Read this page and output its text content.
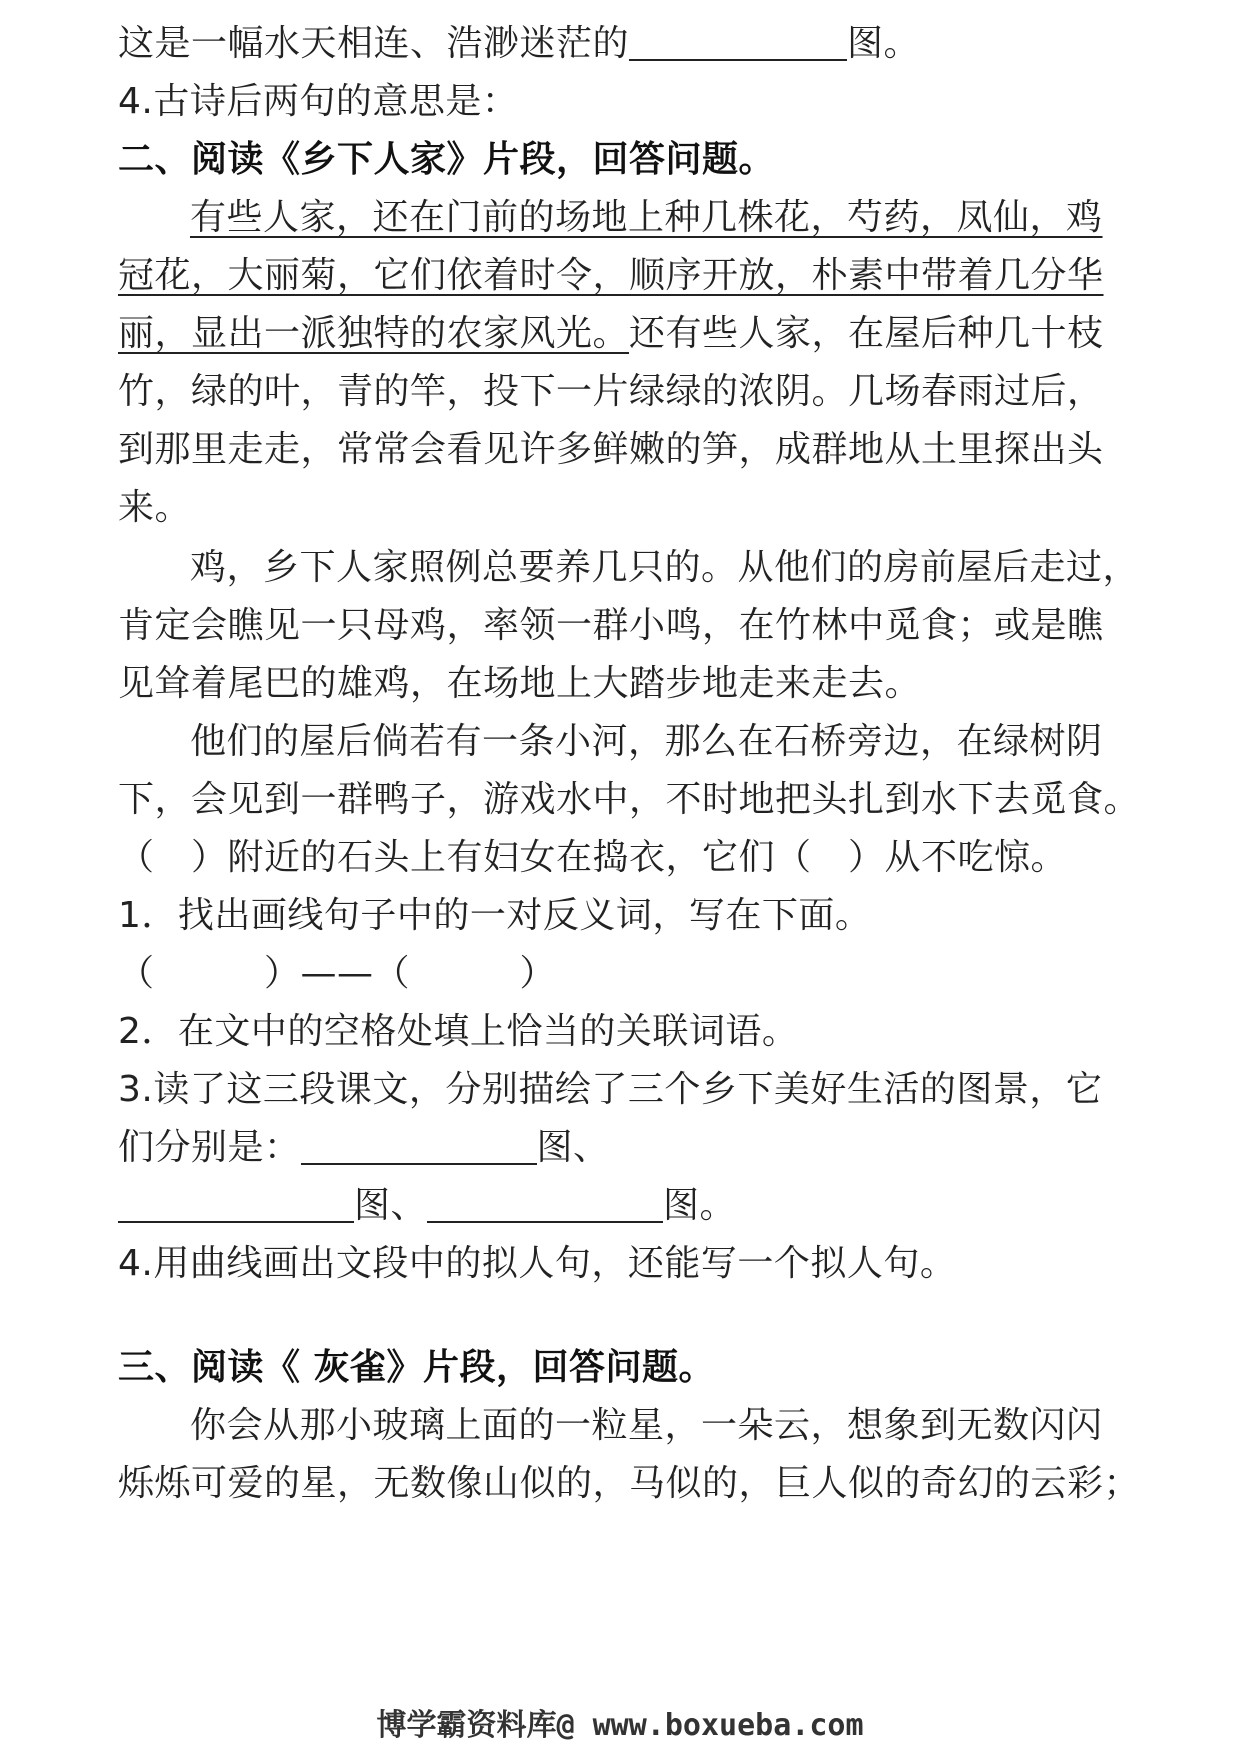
这是一幅水天相连、浩渺迷茫的	图。
4.古诗后两句的意思是：
二、阅读《乡下人家》片段，回答问题。
有些人家，还在门前的场地上种几株花，芍药，凤仙，鸡
冠花，大丽菊，它们依着时令，顺序开放，朴素中带着几分华
丽，显出一派独特的农家风光。还有些人家，在屋后种几十枝
竹，绿的叶，青的竿，投下一片绿绿的浓阴。几场春雨过后，
到那里走走，常常会看见许多鲜嫩的笋，成群地从土里探出头
来。
鸡，乡下人家照例总要养几只的。从他们的房前屋后走过，
肯定会瞧见一只母鸡，率领一群小鸣，在竹林中觅食；或是瞧
见耸着尾巴的雄鸡，在场地上大踏步地走来走去。
他们的屋后倘若有一条小河，那么在石桥旁边，在绿树阴
下，会见到一群鸭子，游戏水中，不时地把头扎到水下去觅食。
（　）附近的石头上有妇女在捣衣，它们（　）从不吃惊。
1．找出画线句子中的一对反义词，写在下面。
（　　　）——（　　　）
2．在文中的空格处填上恰当的关联词语。
3.读了这三段课文，分别描绘了三个乡下美好生活的图景，它
们分别是：	图、
图、	图。
4.用曲线画出文段中的拟人句，还能写一个拟人句。
三、阅读《 灰雀》片段，回答问题。
你会从那小玻璃上面的一粒星，一朵云，想象到无数闪闪
烁烁可爱的星，无数像山似的，马似的，巨人似的奇幻的云彩；
博学霸资料库@ www.boxueba.com
